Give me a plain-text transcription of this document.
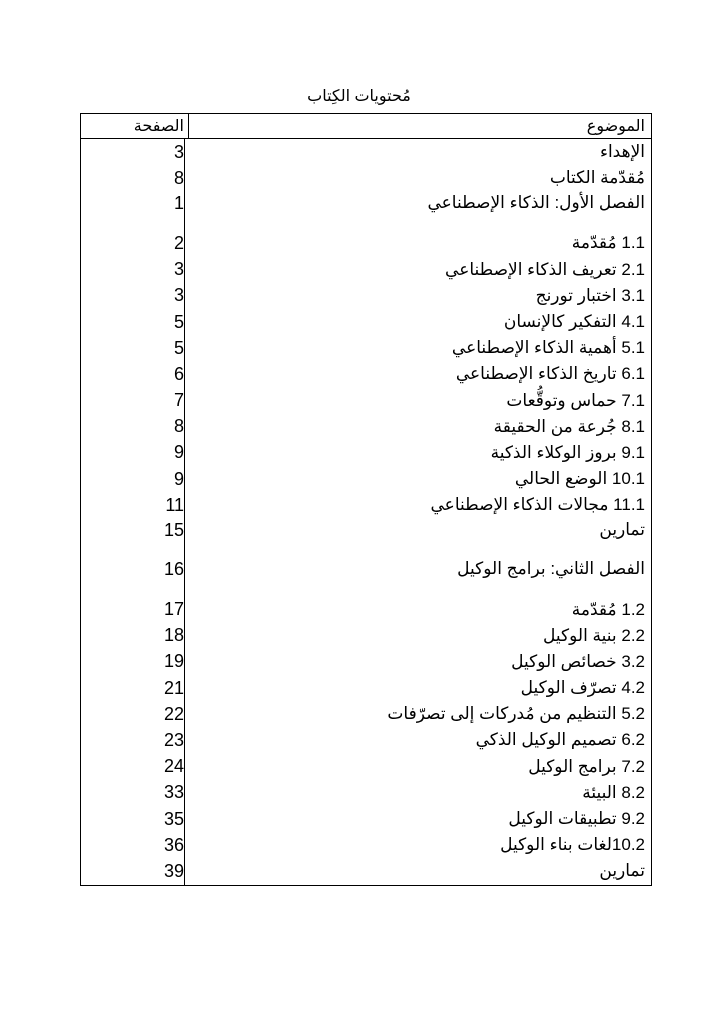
مُحتويات الكِتاب
الموضوع
الصفحة
الإهداء
3
مُقدّمة الكتاب
8
الفصل الأول: الذكاء الإصطناعي
1
1.1 مُقدّمة
2
2.1 تعريف الذكاء الإصطناعي
3
3.1 اختبار تورنج
3
4.1 التفكير كالإنسان
5
5.1 أهمية الذكاء الإصطناعي
5
6.1 تاريخ الذكاء الإصطناعي
6
7.1 حماس وتوقُّعات
7
8.1 جُرعة من الحقيقة
8
9.1 بروز الوكلاء الذكية
9
10.1 الوضع الحالي
9
11.1 مجالات الذكاء الإصطناعي
11
تمارين
15
الفصل الثاني: برامج الوكيل
16
1.2 مُقدّمة
17
2.2 بنية الوكيل
18
3.2 خصائص الوكيل
19
4.2 تصرّف الوكيل
21
5.2 التنظيم من مُدركات إلى تصرّفات
22
6.2 تصميم الوكيل الذكي
23
7.2 برامج الوكيل
24
8.2 البيئة
33
9.2 تطبيقات الوكيل
35
10.2لغات بناء الوكيل
36
تمارين
39
